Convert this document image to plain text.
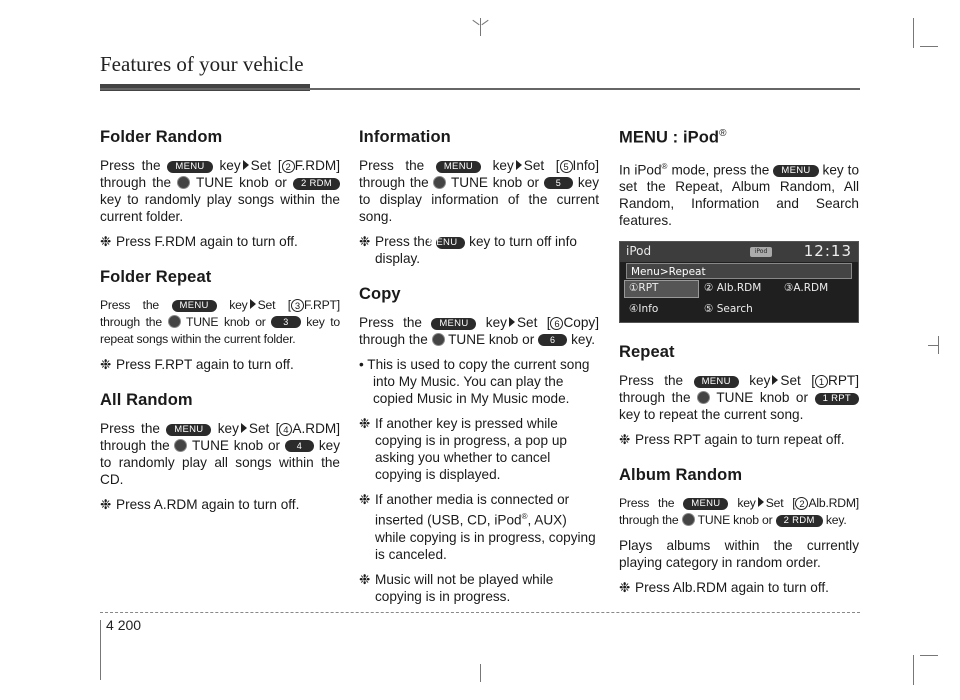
Features of your vehicle
Folder Random

Press the MENU key Set [ 2 F.RDM] through the  TUNE knob or 2 RDM key to randomly play songs within the current folder.

❉ Press F.RDM again to turn off.
Folder Repeat

Press the MENU key Set [ 3 F.RPT] through the  TUNE knob or 3 key to repeat songs within the current folder.

❉ Press F.RPT again to turn off.
All Random

Press the MENU key Set [ 4 A.RDM] through the  TUNE knob or 4 key to randomly play all songs within the CD.

❉ Press A.RDM again to turn off.
Information

Press the MENU key Set [ 5 Info] through the  TUNE knob or 5 key to display information of the current song.

❉ Press the MENU key to turn off info display.
Copy

Press the MENU key Set [ 6 Copy] through the  TUNE knob or 6 key.

• This is used to copy the current song into My Music. You can play the copied Music in My Music mode.
❉ If another key is pressed while copying is in progress, a pop up asking you whether to cancel copying is displayed.
❉ If another media is connected or inserted (USB, CD, iPod®, AUX) while copying is in progress, copying is canceled.
❉ Music will not be played while copying is in progress.
MENU : iPod®

In iPod® mode, press the MENU key to set the Repeat, Album Random, All Random, Information and Search features.

iPod	iPod	12:13
Menu>Repeat
①RPT	② Alb.RDM ③A.RDM
④Info	⑤ Search
Repeat

Press the MENU key Set [ 1 RPT] through the  TUNE knob or 1 RPT key to repeat the current song.

❉ Press RPT again to turn repeat off.
Album Random

Press the MENU key Set [ 2 Alb.RDM] through the  TUNE knob or 2 RDM key.

Plays albums within the currently playing category in random order.

❉ Press Alb.RDM again to turn off.
4 200
